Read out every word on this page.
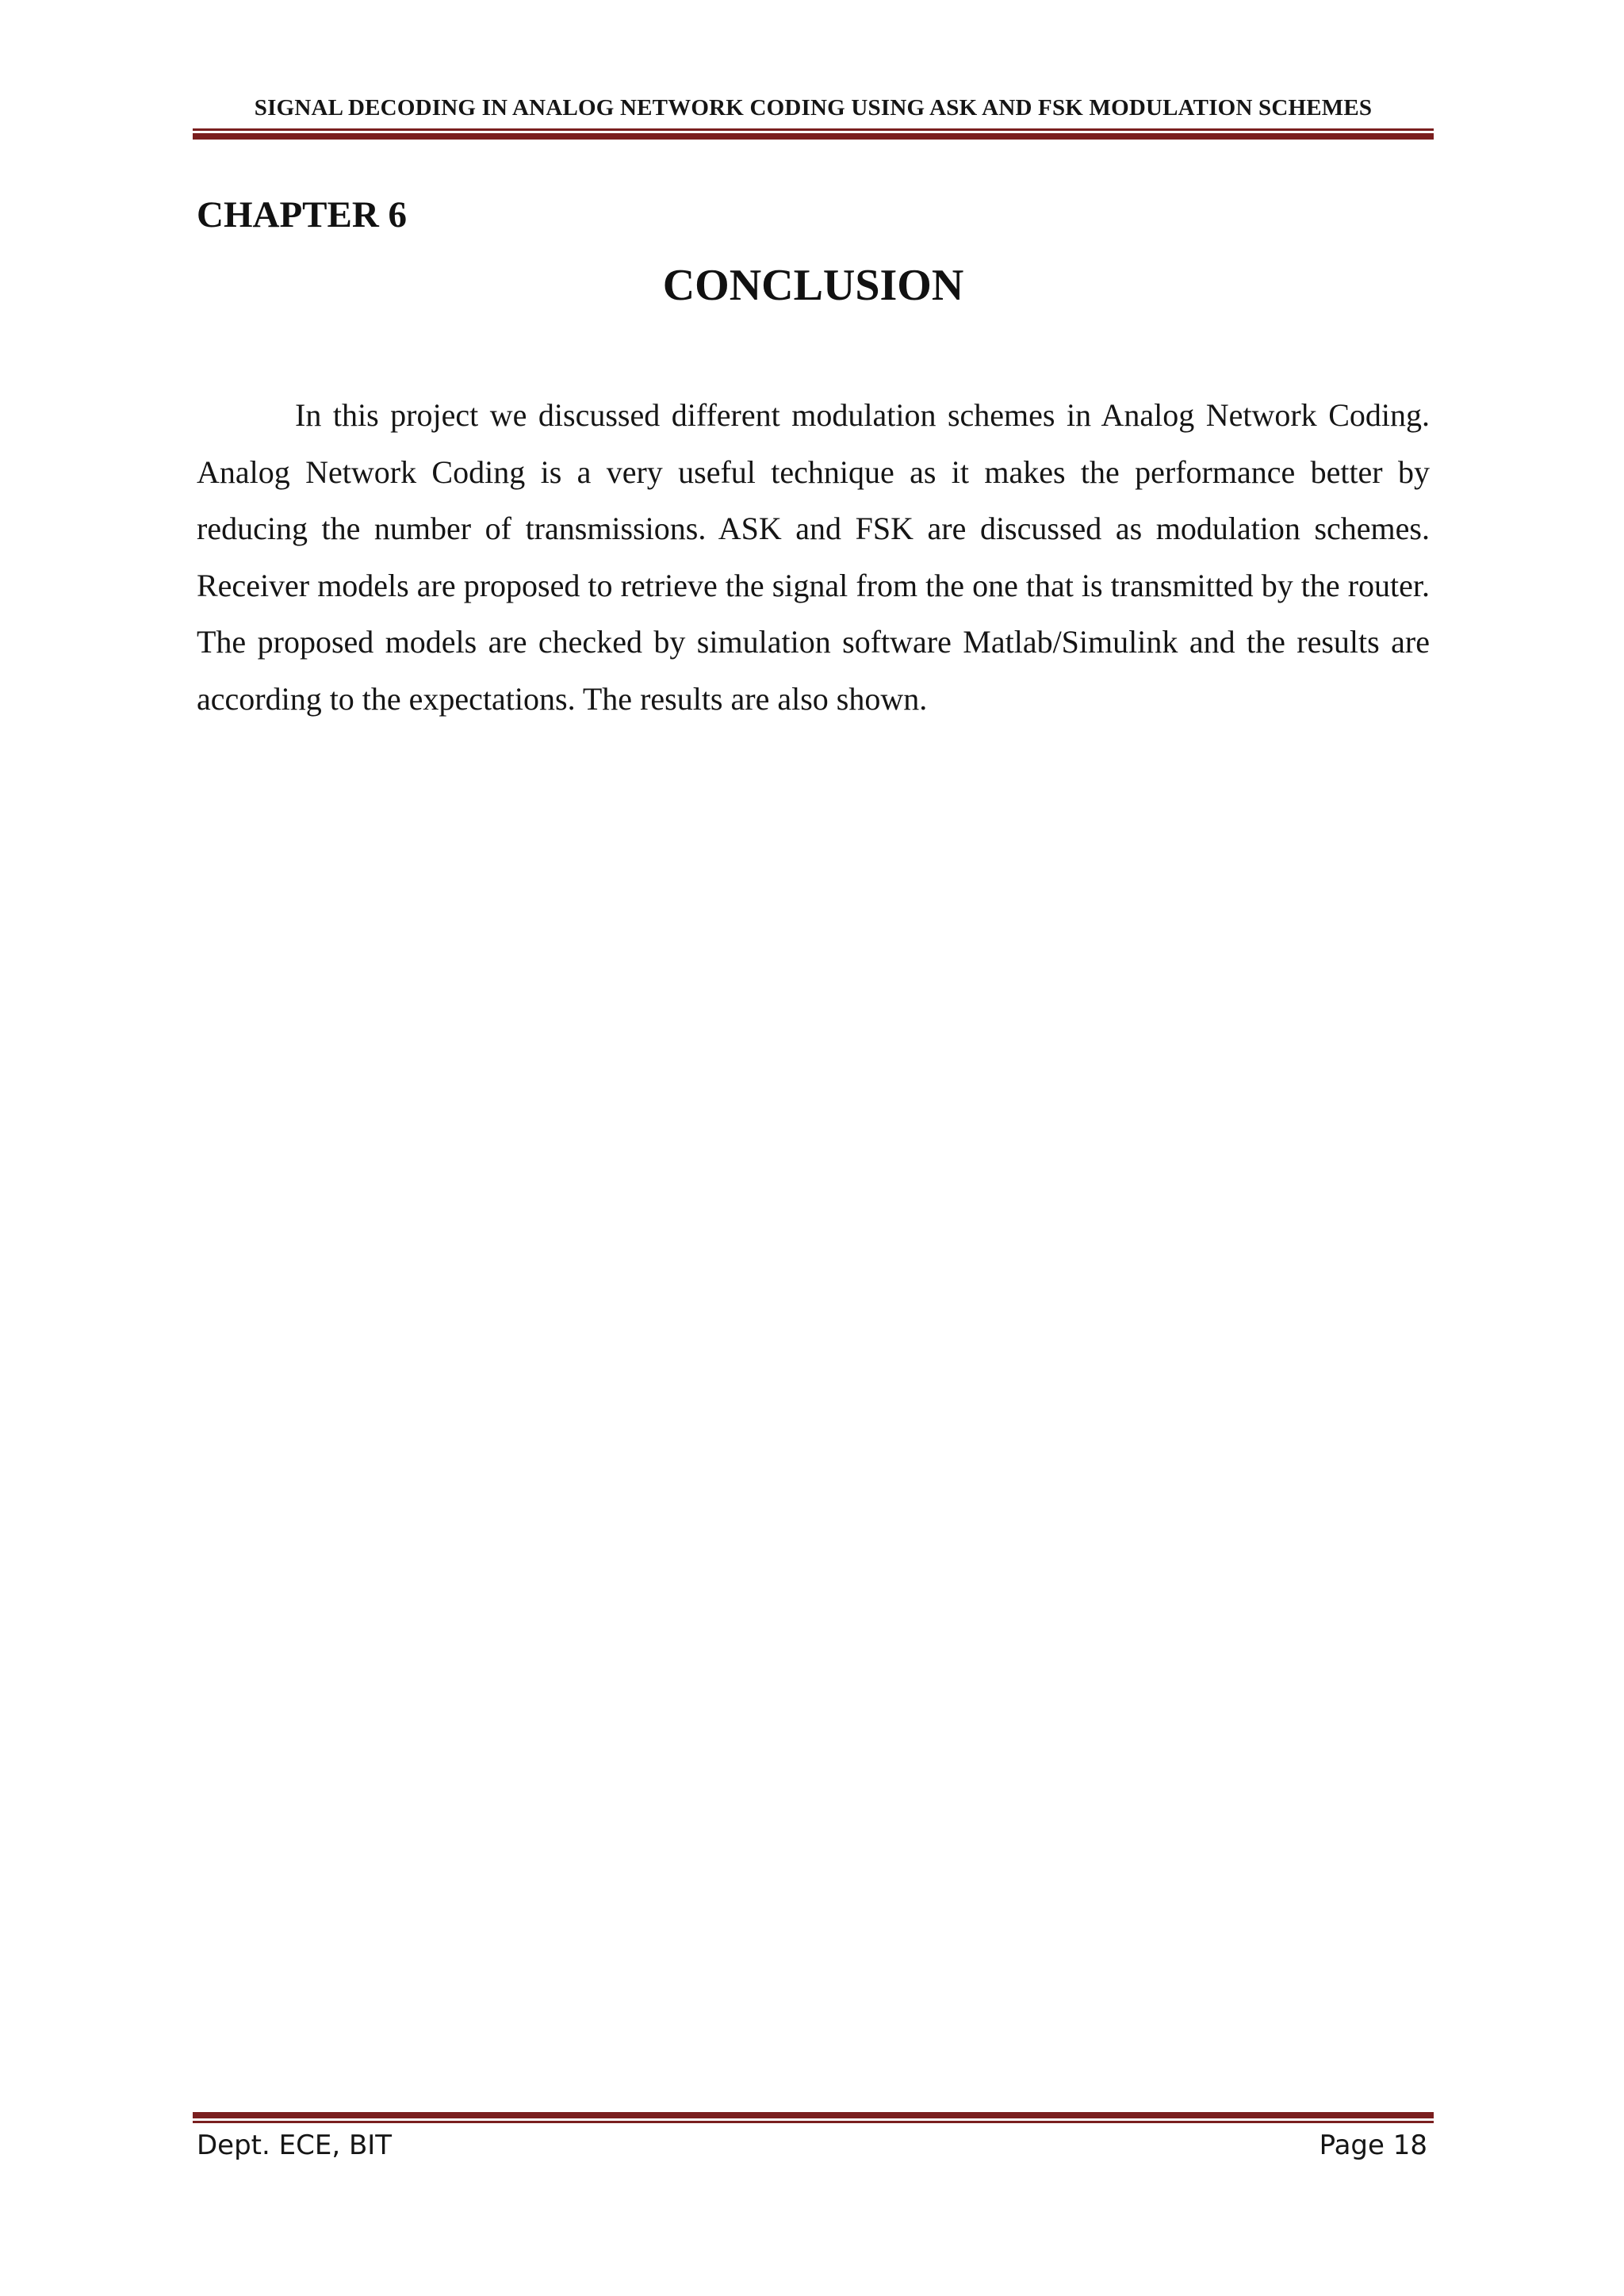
SIGNAL DECODING IN ANALOG NETWORK CODING USING ASK AND FSK MODULATION SCHEMES
CHAPTER 6
CONCLUSION

In this project we discussed different modulation schemes in Analog Network Coding. Analog Network Coding is a very useful technique as it makes the performance better by reducing the number of transmissions. ASK and FSK are discussed as modulation schemes. Receiver models are proposed to retrieve the signal from the one that is transmitted by the router. The proposed models are checked by simulation software Matlab/Simulink and the results are according to the expectations. The results are also shown.

Dept. ECE, BIT	Page 18
